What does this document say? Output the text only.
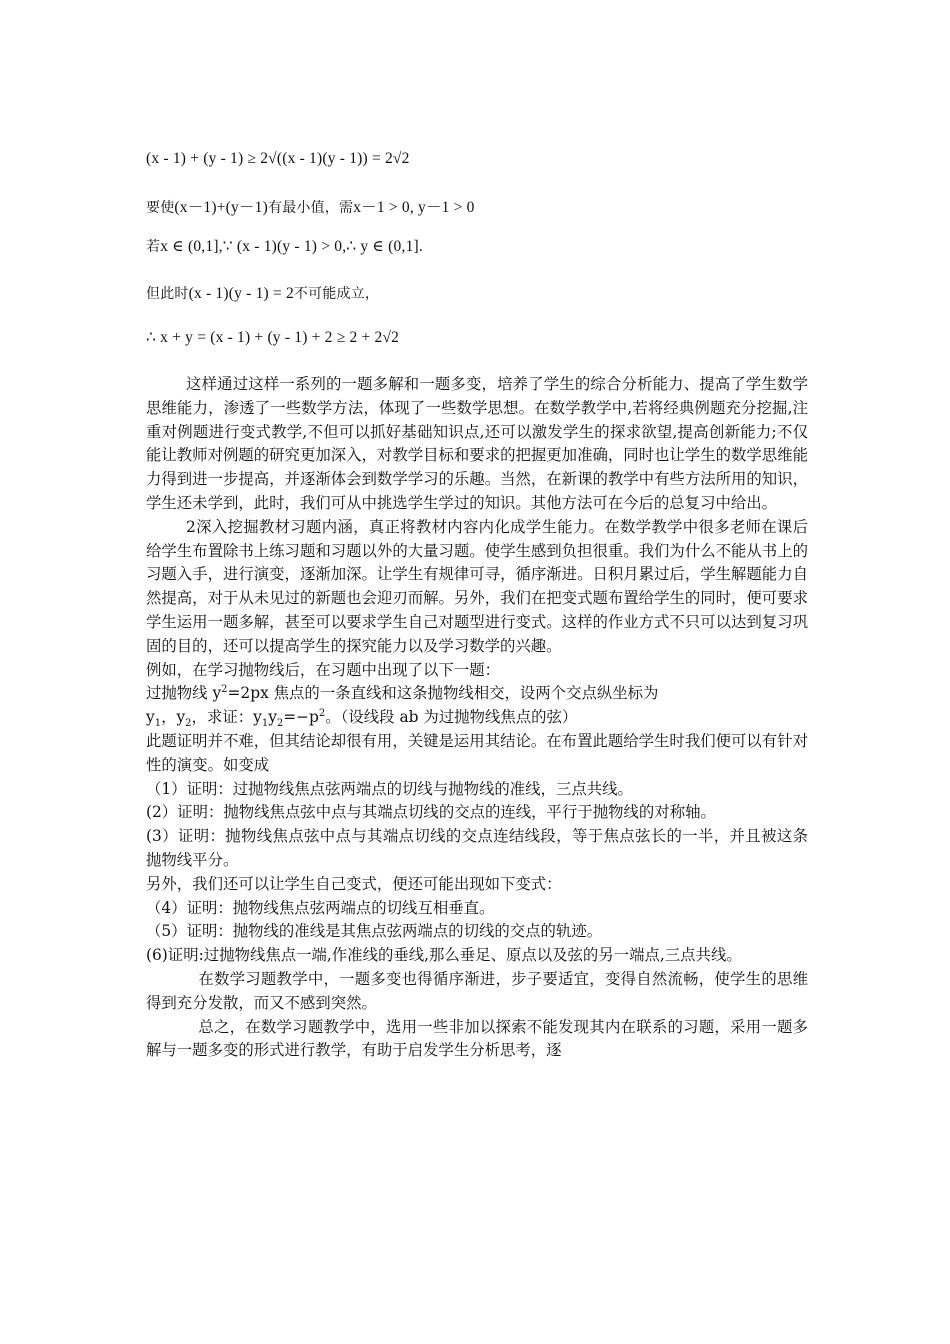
(x - 1) + (y - 1) ≥ 2√((x - 1)(y - 1)) = 2√2
要使(x－1)+(y－1)有最小值，需x－1 > 0, y－1 > 0
若x ∈ (0,1],∵ (x - 1)(y - 1) > 0,∴ y ∈ (0,1].
但此时(x - 1)(y - 1) = 2不可能成立，
∴ x + y = (x - 1) + (y - 1) + 2 ≥ 2 + 2√2

这样通过这样一系列的一题多解和一题多变，培养了学生的综合分析能力、提高了学生数学思维能力，渗透了一些数学方法，体现了一些数学思想。在数学教学中,若将经典例题充分挖掘,注重对例题进行变式教学,不但可以抓好基础知识点,还可以激发学生的探求欲望,提高创新能力;不仅能让教师对例题的研究更加深入，对教学目标和要求的把握更加准确，同时也让学生的数学思维能力得到进一步提高，并逐渐体会到数学学习的乐趣。当然，在新课的教学中有些方法所用的知识，学生还未学到，此时，我们可从中挑选学生学过的知识。其他方法可在今后的总复习中给出。

2深入挖掘教材习题内涵，真正将教材内容内化成学生能力。在数学教学中很多老师在课后给学生布置除书上练习题和习题以外的大量习题。使学生感到负担很重。我们为什么不能从书上的习题入手，进行演变，逐渐加深。让学生有规律可寻，循序渐进。日积月累过后，学生解题能力自然提高，对于从未见过的新题也会迎刃而解。另外，我们在把变式题布置给学生的同时，便可要求学生运用一题多解，甚至可以要求学生自己对题型进行变式。这样的作业方式不只可以达到复习巩固的目的，还可以提高学生的探究能力以及学习数学的兴趣。

例如，在学习抛物线后，在习题中出现了以下一题：

过抛物线 $y^2=2px$ 焦点的一条直线和这条抛物线相交，设两个交点纵坐标为

$y_1$，$y_2$，求证：$y_1y_2=-p^2$。（设线段 ab 为过抛物线焦点的弦）

此题证明并不难，但其结论却很有用，关键是运用其结论。在布置此题给学生时我们便可以有针对性的演变。如变成

（1）证明：过抛物线焦点弦两端点的切线与抛物线的准线，三点共线。

(2）证明：抛物线焦点弦中点与其端点切线的交点的连线，平行于抛物线的对称轴。

(3）证明：抛物线焦点弦中点与其端点切线的交点连结线段，等于焦点弦长的一半，并且被这条抛物线平分。

另外，我们还可以让学生自己变式，便还可能出现如下变式：

（4）证明：抛物线焦点弦两端点的切线互相垂直。

（5）证明：抛物线的准线是其焦点弦两端点的切线的交点的轨迹。

(6)证明:过抛物线焦点一端,作准线的垂线,那么垂足、原点以及弦的另一端点,三点共线。

在数学习题教学中，一题多变也得循序渐进，步子要适宜，变得自然流畅，使学生的思维得到充分发散，而又不感到突然。

总之，在数学习题教学中，选用一些非加以探索不能发现其内在联系的习题，采用一题多解与一题多变的形式进行教学，有助于启发学生分析思考，逐
